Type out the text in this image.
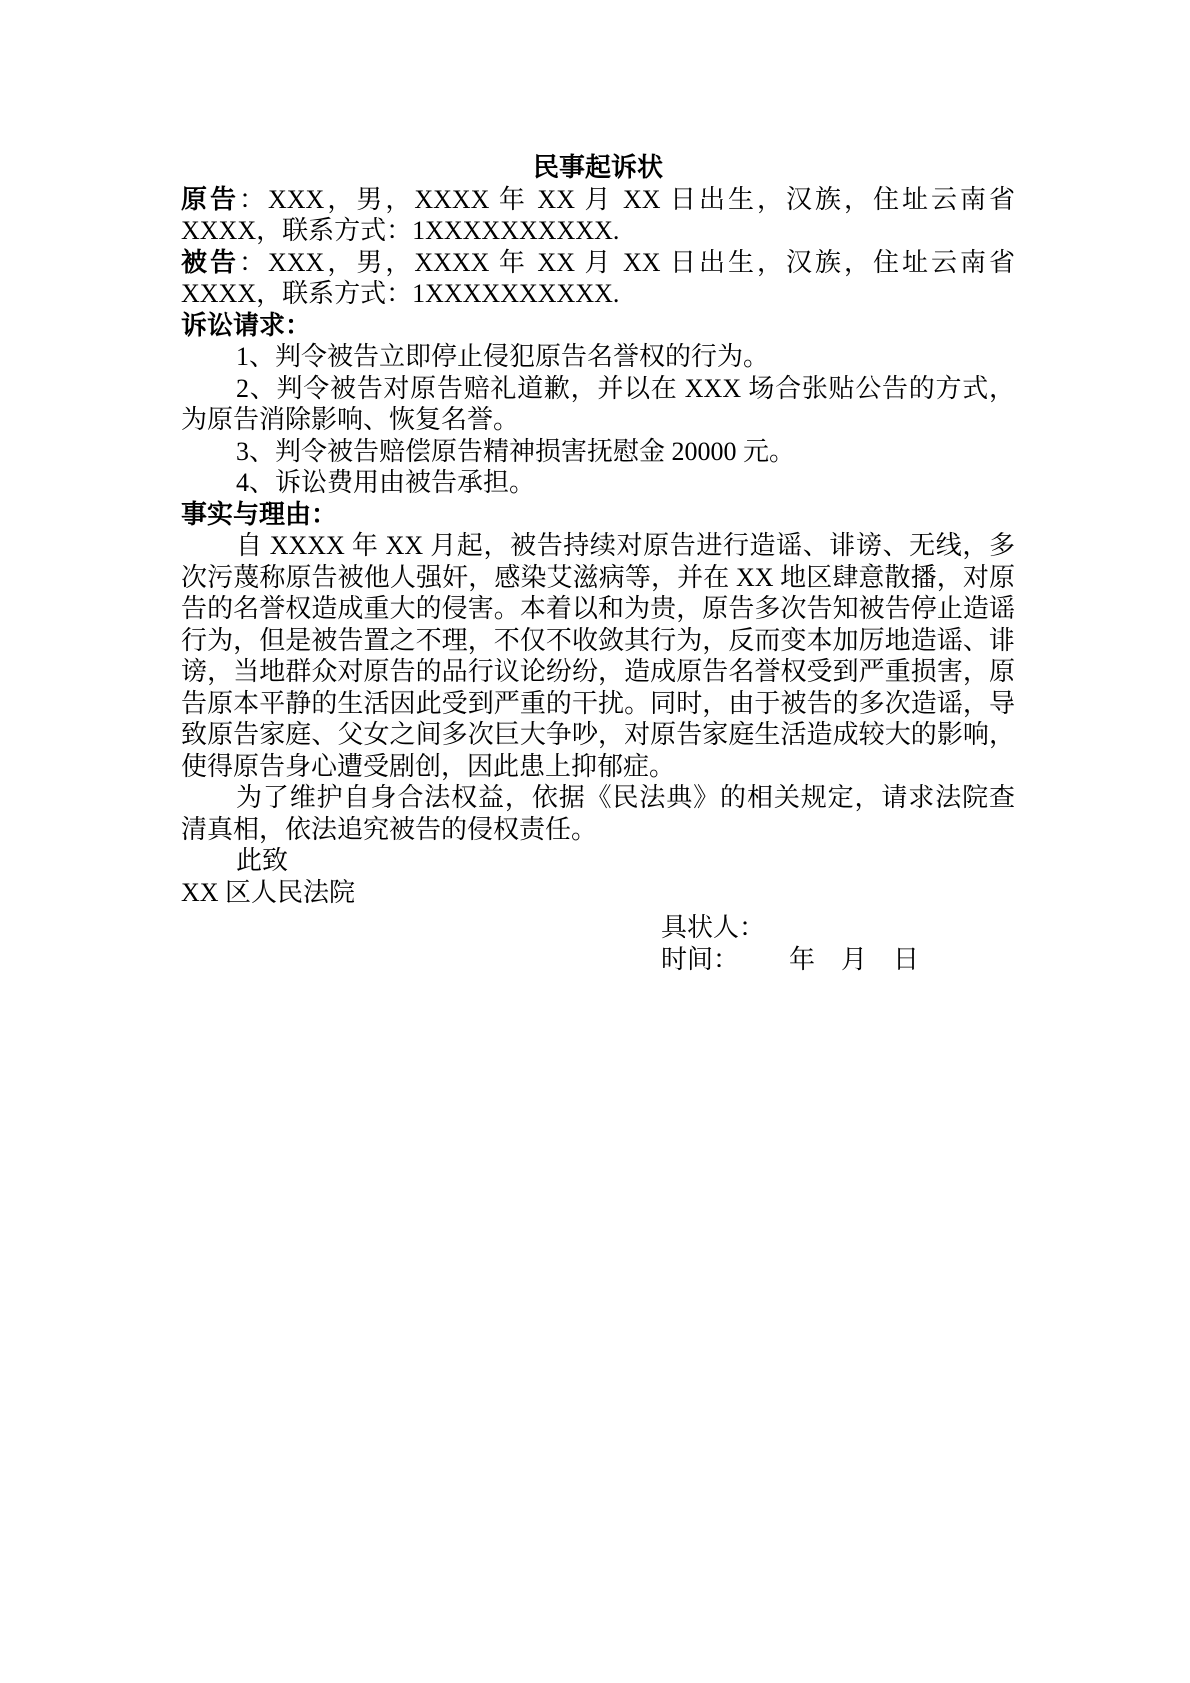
民事起诉状

原告：XXX，男，XXXX 年 XX 月 XX 日出生，汉族，住址云南省XXXX，联系方式：1XXXXXXXXXX.

被告：XXX，男，XXXX 年 XX 月 XX 日出生，汉族，住址云南省XXXX，联系方式：1XXXXXXXXXX.

诉讼请求：

1、判令被告立即停止侵犯原告名誉权的行为。

2、判令被告对原告赔礼道歉，并以在 XXX 场合张贴公告的方式，为原告消除影响、恢复名誉。

3、判令被告赔偿原告精神损害抚慰金 20000 元。

4、诉讼费用由被告承担。

事实与理由：

自 XXXX 年 XX 月起，被告持续对原告进行造谣、诽谤、无线，多次污蔑称原告被他人强奸，感染艾滋病等，并在 XX 地区肆意散播，对原告的名誉权造成重大的侵害。本着以和为贵，原告多次告知被告停止造谣行为，但是被告置之不理，不仅不收敛其行为，反而变本加厉地造谣、诽谤，当地群众对原告的品行议论纷纷，造成原告名誉权受到严重损害，原告原本平静的生活因此受到严重的干扰。同时，由于被告的多次造谣，导致原告家庭、父女之间多次巨大争吵，对原告家庭生活造成较大的影响，使得原告身心遭受剧创，因此患上抑郁症。

为了维护自身合法权益，依据《民法典》的相关规定，请求法院查清真相，依法追究被告的侵权责任。

此致

XX 区人民法院

具状人：

时间： 年 月 日
